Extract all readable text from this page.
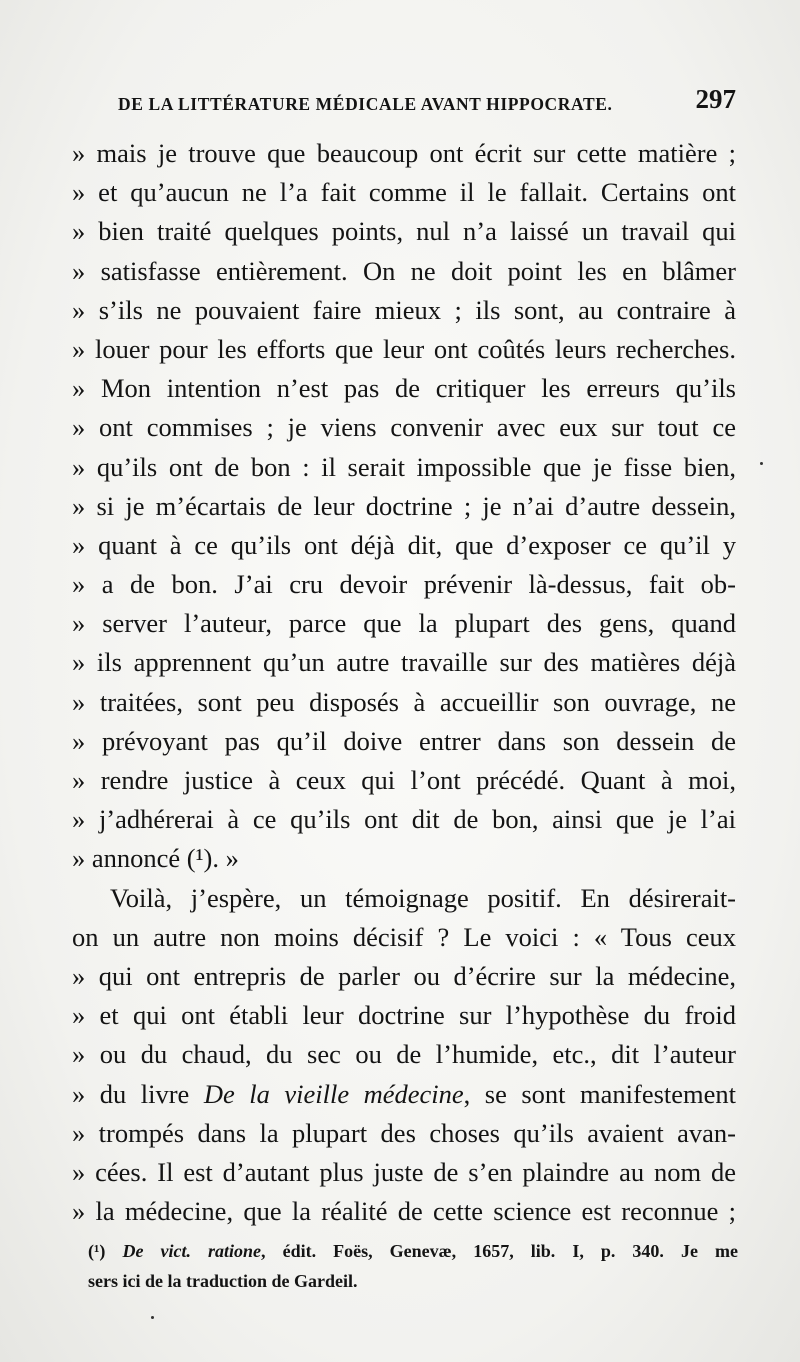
DE LA LITTÉRATURE MÉDICALE AVANT HIPPOCRATE.	297
» mais je trouve que beaucoup ont écrit sur cette matière ;
» et qu’aucun ne l’a fait comme il le fallait. Certains ont
» bien traité quelques points, nul n’a laissé un travail qui
» satisfasse entièrement. On ne doit point les en blâmer
» s’ils ne pouvaient faire mieux ; ils sont, au contraire à
» louer pour les efforts que leur ont coûtés leurs recherches.
» Mon intention n’est pas de critiquer les erreurs qu’ils
» ont commises ; je viens convenir avec eux sur tout ce
» qu’ils ont de bon : il serait impossible que je fisse bien,
» si je m’écartais de leur doctrine ; je n’ai d’autre dessein,
» quant à ce qu’ils ont déjà dit, que d’exposer ce qu’il y
» a de bon. J’ai cru devoir prévenir là-dessus, fait ob-
» server l’auteur, parce que la plupart des gens, quand
» ils apprennent qu’un autre travaille sur des matières déjà
» traitées, sont peu disposés à accueillir son ouvrage, ne
» prévoyant pas qu’il doive entrer dans son dessein de
» rendre justice à ceux qui l’ont précédé. Quant à moi,
» j’adhérerai à ce qu’ils ont dit de bon, ainsi que je l’ai
» annoncé (¹). »
Voilà, j’espère, un témoignage positif. En désirerait-
on un autre non moins décisif ? Le voici : « Tous ceux
» qui ont entrepris de parler ou d’écrire sur la médecine,
» et qui ont établi leur doctrine sur l’hypothèse du froid
» ou du chaud, du sec ou de l’humide, etc., dit l’auteur
» du livre De la vieille médecine, se sont manifestement
» trompés dans la plupart des choses qu’ils avaient avan-
» cées. Il est d’autant plus juste de s’en plaindre au nom de
» la médecine, que la réalité de cette science est reconnue ;
(¹) De vict. ratione, édit. Foës, Genevæ, 1657, lib. I, p. 340. Je me
sers ici de la traduction de Gardeil.
